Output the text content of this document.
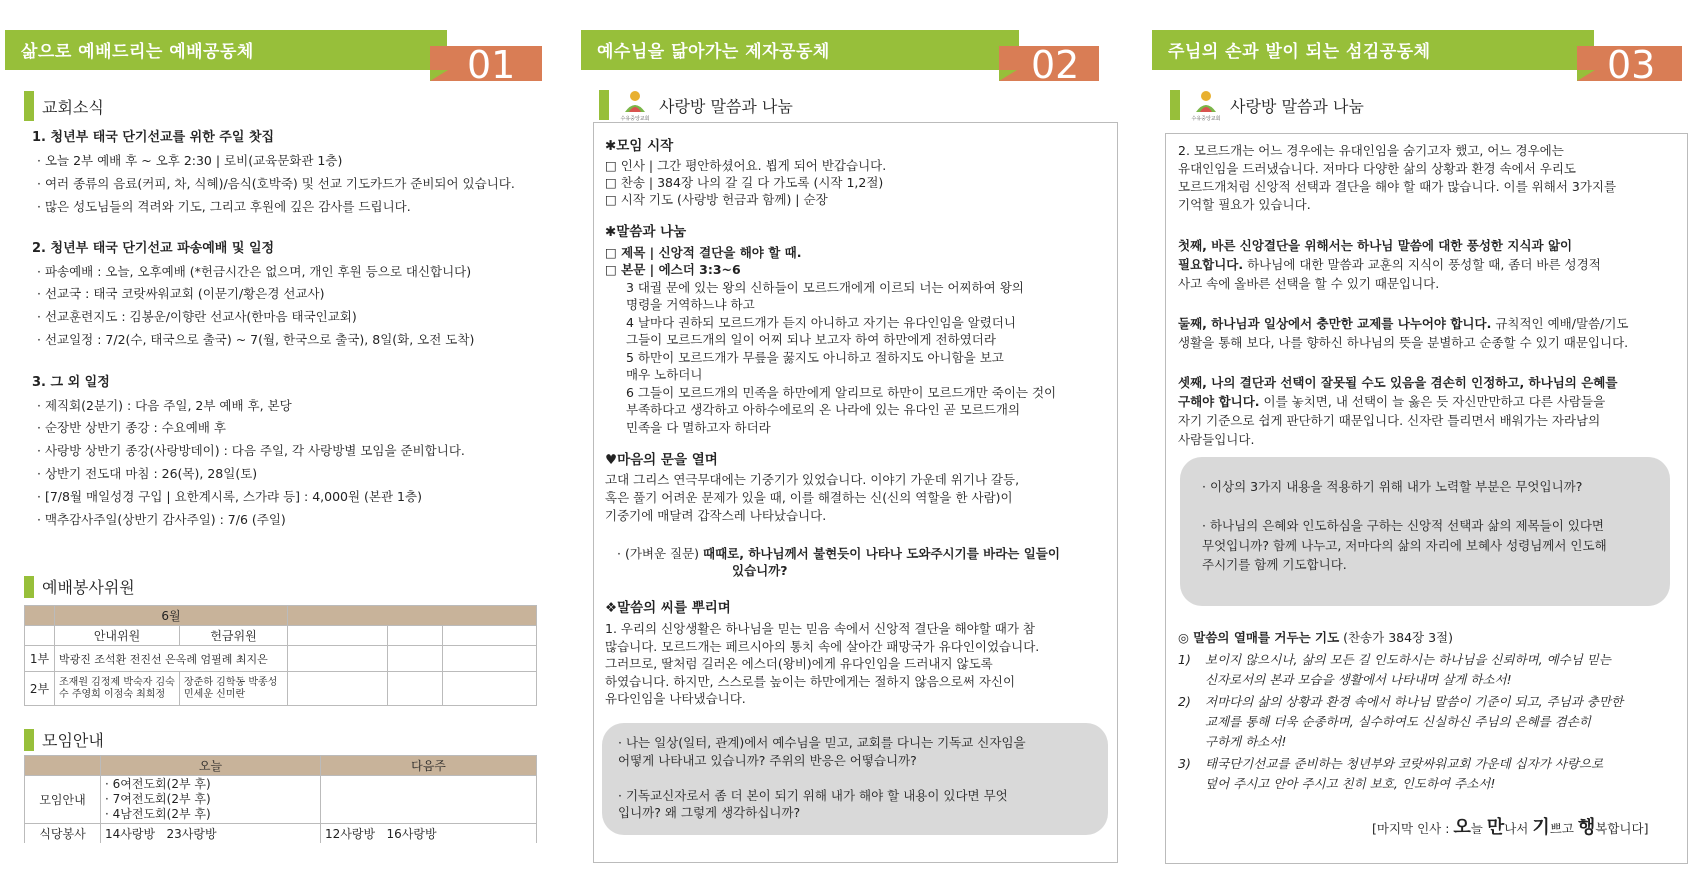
삶으로 예배드리는 예배공동체	01
교회소식
1. 청년부 태국 단기선교를 위한 주일 찻집
· 오늘 2부 예배 후 ~ 오후 2:30 | 로비(교육문화관 1층)
· 여러 종류의 음료(커피, 차, 식혜)/음식(호박죽) 및 선교 기도카드가 준비되어 있습니다.
· 많은 성도님들의 격려와 기도, 그리고 후원에 깊은 감사를 드립니다.
2. 청년부 태국 단기선교 파송예배 및 일정
· 파송예배 : 오늘, 오후예배 (*헌금시간은 없으며, 개인 후원 등으로 대신합니다)
· 선교국 : 태국 코랏싸워교회 (이문기/황은경 선교사)
· 선교훈련지도 : 김봉운/이향란 선교사(한마음 태국인교회)
· 선교일정 : 7/2(수, 태국으로 출국) ~ 7(월, 한국으로 출국), 8일(화, 오전 도착)
3. 그 외 일정
· 제직회(2분기) : 다음 주일, 2부 예배 후, 본당
· 순장반 상반기 종강 : 수요예배 후
· 사랑방 상반기 종강(사랑방데이) : 다음 주일, 각 사랑방별 모임을 준비합니다.
· 상반기 전도대 마침 : 26(목), 28일(토)
· [7/8월 매일성경 구입 | 요한계시록, 스가랴 등] : 4,000원 (본관 1층)
· 맥추감사주일(상반기 감사주일) : 7/6 (주일)
예배봉사위원
	6월				
	안내위원	헌금위원			
1부	박광진 조석환 전진선 은옥례 엄필례 최지은				
2부	조재원 김정제 박숙자 김숙수 주영희 이점숙 최희정	장준하 김학동 박종성 민세운 신미란			
모임안내
	오늘	다음주
모임안내	· 6여전도회(2부 후)
· 7여전도회(2부 후)
· 4남전도회(2부 후)	

식당봉사	14사랑방   23사랑방	12사랑방   16사랑방
예수님을 닮아가는 제자공동체	02
수유중앙교회
사랑방 말씀과 나눔
✱모임 시작
□ 인사 | 그간 평안하셨어요. 뵙게 되어 반갑습니다.
□ 찬송 | 384장 나의 갈 길 다 가도록 (시작 1,2절)
□ 시작 기도 (사랑방 헌금과 함께) | 순장
✱말씀과 나눔
□ 제목 | 신앙적 결단을 해야 할 때.
□ 본문 | 에스더 3:3~6
3 대궐 문에 있는 왕의 신하들이 모르드개에게 이르되 너는 어찌하여 왕의
명령을 거역하느냐 하고
4 날마다 권하되 모르드개가 듣지 아니하고 자기는 유다인임을 알렸더니
그들이 모르드개의 일이 어찌 되나 보고자 하여 하만에게 전하였더라
5 하만이 모르드개가 무릎을 꿇지도 아니하고 절하지도 아니함을 보고
매우 노하더니
6 그들이 모르드개의 민족을 하만에게 알리므로 하만이 모르드개만 죽이는 것이
부족하다고 생각하고 아하수에로의 온 나라에 있는 유다인 곧 모르드개의
민족을 다 멸하고자 하더라
♥마음의 문을 열며
고대 그리스 연극무대에는 기중기가 있었습니다. 이야기 가운데 위기나 갈등,
혹은 풀기 어려운 문제가 있을 때, 이를 해결하는 신(신의 역할을 한 사람)이
기중기에 매달려 갑작스레 나타났습니다.
· (가벼운 질문) 때때로, 하나님께서 불현듯이 나타나 도와주시기를 바라는 일들이
있습니까?
❖말씀의 씨를 뿌리며
1. 우리의 신앙생활은 하나님을 믿는 믿음 속에서 신앙적 결단을 해야할 때가 참
많습니다. 모르드개는 페르시아의 통치 속에 살아간 패망국가 유다인이었습니다.
그러므로, 딸처럼 길러온 에스더(왕비)에게 유다인임을 드러내지 않도록
하였습니다. 하지만, 스스로를 높이는 하만에게는 절하지 않음으로써 자신이
유다인임을 나타냈습니다.
· 나는 일상(일터, 관계)에서 예수님을 믿고, 교회를 다니는 기독교 신자임을
어떻게 나타내고 있습니까? 주위의 반응은 어떻습니까?
· 기독교신자로서 좀 더 본이 되기 위해 내가 해야 할 내용이 있다면 무엇
입니까? 왜 그렇게 생각하십니까?
주님의 손과 발이 되는 섬김공동체	03
수유중앙교회
사랑방 말씀과 나눔
2. 모르드개는 어느 경우에는 유대인임을 숨기고자 했고, 어느 경우에는
유대인임을 드러냈습니다. 저마다 다양한 삶의 상황과 환경 속에서 우리도
모르드개처럼 신앙적 선택과 결단을 해야 할 때가 많습니다. 이를 위해서 3가지를
기억할 필요가 있습니다.
첫째, 바른 신앙결단을 위해서는 하나님 말씀에 대한 풍성한 지식과 앎이
필요합니다. 하나님에 대한 말씀과 교훈의 지식이 풍성할 때, 좀더 바른 성경적
사고 속에 올바른 선택을 할 수 있기 때문입니다.
둘째, 하나님과 일상에서 충만한 교제를 나누어야 합니다. 규칙적인 예배/말씀/기도
생활을 통해 보다, 나를 향하신 하나님의 뜻을 분별하고 순종할 수 있기 때문입니다.
셋째, 나의 결단과 선택이 잘못될 수도 있음을 겸손히 인정하고, 하나님의 은혜를
구해야 합니다. 이를 놓치면, 내 선택이 늘 옳은 듯 자신만만하고 다른 사람들을
자기 기준으로 쉽게 판단하기 때문입니다. 신자란 틀리면서 배워가는 자라남의
사람들입니다.
· 이상의 3가지 내용을 적용하기 위해 내가 노력할 부분은 무엇입니까?
· 하나님의 은혜와 인도하심을 구하는 신앙적 선택과 삶의 제목들이 있다면
무엇입니까? 함께 나누고, 저마다의 삶의 자리에 보혜사 성령님께서 인도해
주시기를 함께 기도합니다.
◎ 말씀의 열매를 거두는 기도 (찬송가 384장 3절)
1) 보이지 않으시나, 삶의 모든 길 인도하시는 하나님을 신뢰하며, 예수님 믿는
신자로서의 본과 모습을 생활에서 나타내며 살게 하소서!
2) 저마다의 삶의 상황과 환경 속에서 하나님 말씀이 기준이 되고, 주님과 충만한
교제를 통해 더욱 순종하며, 실수하여도 신실하신 주님의 은혜를 겸손히
구하게 하소서!
3) 태국단기선교를 준비하는 청년부와 코랏싸워교회 가운데 십자가 사랑으로
덮어 주시고 안아 주시고 친히 보호, 인도하여 주소서!
[마지막 인사 : 오늘 만나서 기쁘고 행복합니다]
